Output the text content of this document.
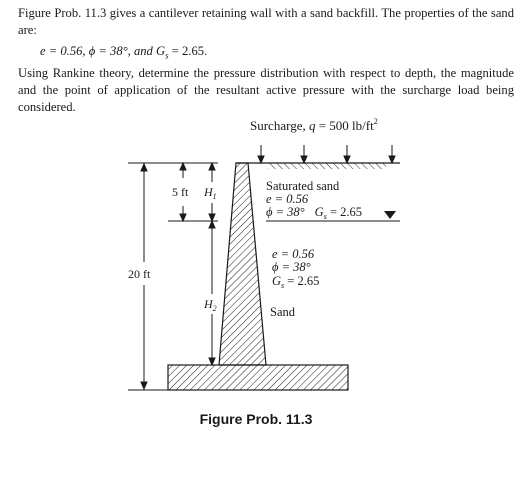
Figure Prob. 11.3 gives a cantilever retaining wall with a sand backfill. The properties of the sand are:

e = 0.56, ϕ = 38°, and $G_s = 2.65$.

Using Rankine theory, determine the pressure distribution with respect to depth, the magnitude and the point of application of the resultant active pressure with the surcharge load being considered.

Surcharge, q = 500 $lb/ft^2$
Saturated sand
e = 0.56
ϕ = 38° $G_s = 2.65$
e = 0.56
ϕ = 38°
$G_s = 2.65$
Sand
20 ft
5 ft $H_1$
$H_2$
Figure Prob. 11.3
